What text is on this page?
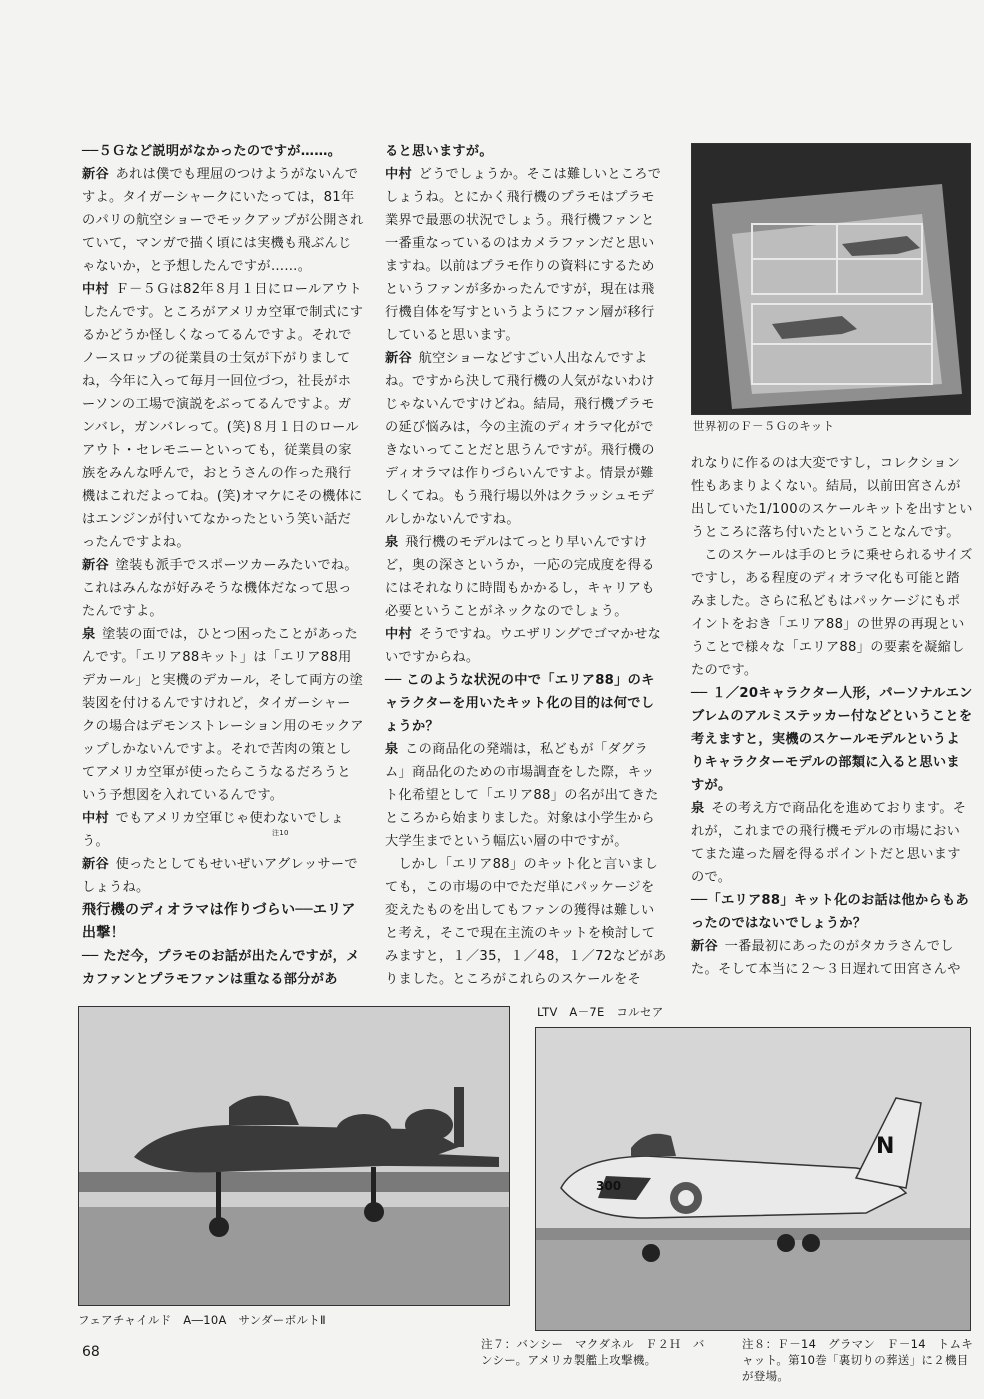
──５Ｇなど説明がなかったのですが……。

新谷 あれは僕でも理屈のつけようがないんですよ。タイガーシャークにいたっては，81年のパリの航空ショーでモックアップが公開されていて，マンガで描く頃には実機も飛ぶんじゃないか，と予想したんですが……。

中村 Ｆ－５Ｇは82年８月１日にロールアウトしたんです。ところがアメリカ空軍で制式にするかどうか怪しくなってるんですよ。それでノースロップの従業員の士気が下がりましてね，今年に入って毎月一回位づつ，社長がホーソンの工場で演説をぶってるんですよ。ガンバレ，ガンバレって。(笑)８月１日のロールアウト・セレモニーといっても，従業員の家族をみんな呼んで，おとうさんの作った飛行機はこれだよってね。(笑)オマケにその機体にはエンジンが付いてなかったという笑い話だったんですよね。

新谷 塗装も派手でスポーツカーみたいでね。これはみんなが好みそうな機体だなって思ったんですよ。

泉 塗装の面では，ひとつ困ったことがあったんです。「エリア88キット」は「エリア88用デカール」と実機のデカール，そして両方の塗装図を付けるんですけれど，タイガーシャークの場合はデモンストレーション用のモックアップしかないんですよ。それで苦肉の策としてアメリカ空軍が使ったらこうなるだろうという予想図を入れているんです。

中村 でもアメリカ空軍じゃ使わないでしょう。

新谷 使ったとしてもせいぜいアグレッサーでしょうね。

飛行機のディオラマは作りづらい──エリア出撃！

── ただ今，プラモのお話が出たんですが，メカファンとプラモファンは重なる部分があ

ると思いますが。

中村 どうでしょうか。そこは難しいところでしょうね。とにかく飛行機のプラモはプラモ業界で最悪の状況でしょう。飛行機ファンと一番重なっているのはカメラファンだと思いますね。以前はプラモ作りの資料にするためというファンが多かったんですが，現在は飛行機自体を写すというようにファン層が移行していると思います。

新谷 航空ショーなどすごい人出なんですよね。ですから決して飛行機の人気がないわけじゃないんですけどね。結局，飛行機プラモの延び悩みは，今の主流のディオラマ化ができないってことだと思うんですが。飛行機のディオラマは作りづらいんですよ。情景が難しくてね。もう飛行場以外はクラッシュモデルしかないんですね。

泉 飛行機のモデルはてっとり早いんですけど，奥の深さというか，一応の完成度を得るにはそれなりに時間もかかるし，キャリアも必要ということがネックなのでしょう。

中村 そうですね。ウエザリングでゴマかせないですからね。

── このような状況の中で「エリア88」のキャラクターを用いたキット化の目的は何でしょうか？

泉 この商品化の発端は，私どもが「ダグラム」商品化のための市場調査をした際，キット化希望として「エリア88」の名が出てきたところから始まりました。対象は小学生から大学生までという幅広い層の中ですが。

しかし「エリア88」のキット化と言いましても，この市場の中でただ単にパッケージを変えたものを出してもファンの獲得は難しいと考え，そこで現在主流のキットを検討してみますと，１／35，１／48，１／72などがありました。ところがこれらのスケールをそ

れなりに作るのは大変ですし，コレクション性もあまりよくない。結局，以前田宮さんが出していた1/100のスケールキットを出すというところに落ち付いたということなんです。

このスケールは手のヒラに乗せられるサイズですし，ある程度のディオラマ化も可能と踏みました。さらに私どもはパッケージにもポイントをおき「エリア88」の世界の再現ということで様々な「エリア88」の要素を凝縮したのです。

── １／20キャラクター人形，パーソナルエンブレムのアルミステッカー付などということを考えますと，実機のスケールモデルというよりキャラクターモデルの部類に入ると思いますが。

泉 その考え方で商品化を進めております。それが，これまでの飛行機モデルの市場においてまた違った層を得るポイントだと思いますので。

──「エリア88」キット化のお話は他からもあったのではないでしょうか？

新谷 一番最初にあったのがタカラさんでした。そして本当に２～３日遅れて田宮さんや

世界初のＦ－５Ｇのキット
フェアチャイルド　A―10A　サンダーボルトⅡ
LTV　A－7E　コルセア
300
N
注７：バンシー　マクダネル　Ｆ２Ｈ　バンシー。アメリカ製艦上攻撃機。
注８：Ｆ－14　グラマン　Ｆ－14　トムキャット。第10巻「裏切りの葬送」に２機目が登場。
注10
68
